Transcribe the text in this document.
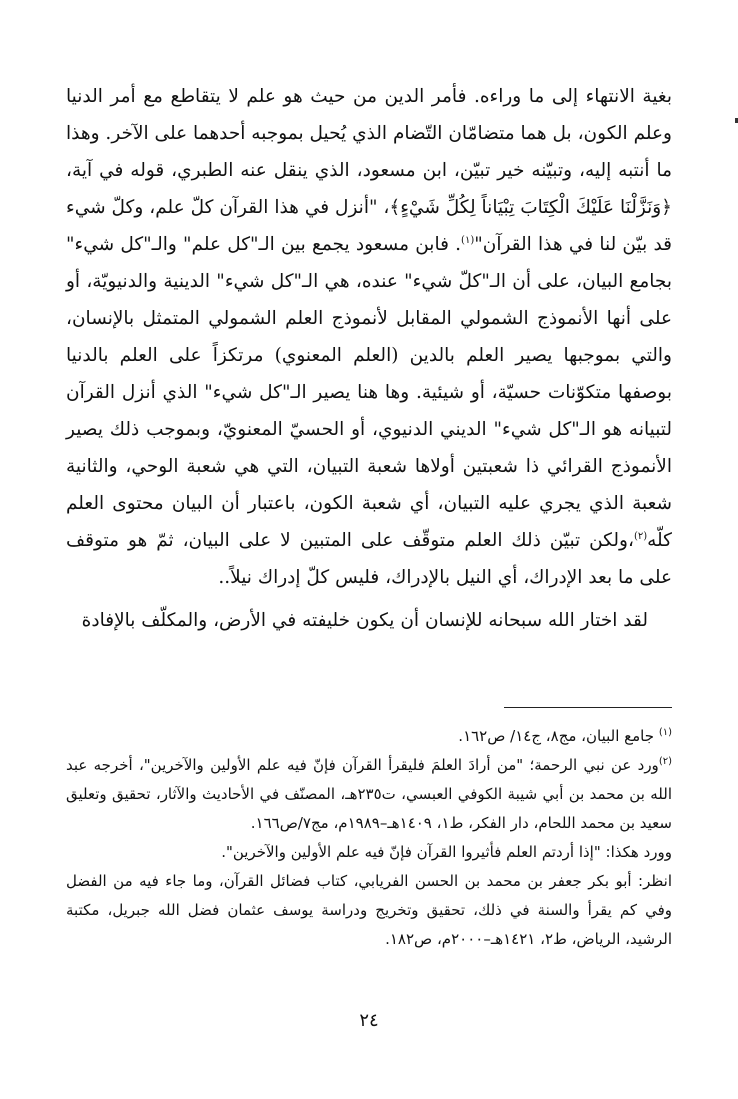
بغية الانتهاء إلى ما وراءه. فأمر الدين من حيث هو علم لا يتقاطع مع أمر الدنيا وعلم الكون، بل هما متضامّان التّضام الذي يُحيل بموجبه أحدهما على الآخر. وهذا ما أنتبه إليه، وتبيّنه خير تبيّن، ابن مسعود، الذي ينقل عنه الطبري، قوله في آية، ﴿وَنَزَّلْنَا عَلَيْكَ الْكِتَابَ تِبْيَاناً لِكُلِّ شَيْءٍ﴾، "أنزل في هذا القرآن كلّ علم، وكلّ شيء قد بيّن لنا في هذا القرآن"$^{(١)}$. فابن مسعود يجمع بين الـ"كل علم" والـ"كل شيء" بجامع البيان، على أن الـ"كلّ شيء" عنده، هي الـ"كل شيء" الدينية والدنيويّة، أو على أنها الأنموذج الشمولي المقابل لأنموذج العلم الشمولي المتمثل بالإنسان، والتي بموجبها يصير العلم بالدين (العلم المعنوي) مرتكزاً على العلم بالدنيا بوصفها متكوّنات حسيّة، أو شيئية. وها هنا يصير الـ"كل شيء" الذي أنزل القرآن لتبيانه هو الـ"كل شيء" الديني الدنيوي، أو الحسيّ المعنويّ، وبموجب ذلك يصير الأنموذج القرائي ذا شعبتين أولاها شعبة التبيان، التي هي شعبة الوحي، والثانية شعبة الذي يجري عليه التبيان، أي شعبة الكون، باعتبار أن البيان محتوى العلم كلّه$^{(٢)}$،ولكن تبيّن ذلك العلم متوقّف على المتبين لا على البيان، ثمّ هو متوقف على ما بعد الإدراك، أي النيل بالإدراك، فليس كلّ إدراك نيلاً..

لقد اختار الله سبحانه للإنسان أن يكون خليفته في الأرض، والمكلّف بالإفادة

$^{(١)}$ جامع البيان، مج٨، ج١٤/ ص١٦٢.

$^{(٢)}$ورد عن نبي الرحمة؛ "من أرادَ العلمَ فليقرأ القرآن فإنّ فيه علم الأولين والآخرين"، أخرجه عبد الله بن محمد بن أبي شيبة الكوفي العبسي، ت٢٣٥هـ، المصنّف في الأحاديث والآثار، تحقيق وتعليق سعيد بن محمد اللحام، دار الفكر، ط١، ١٤٠٩هـ–١٩٨٩م، مج٧/ص١٦٦.

وورد هكذا: "إذا أردتم العلم فأثيروا القرآن فإنّ فيه علم الأولين والآخرين".

انظر: أبو بكر جعفر بن محمد بن الحسن الفريابي، كتاب فضائل القرآن، وما جاء فيه من الفضل وفي كم يقرأ والسنة في ذلك، تحقيق وتخريج ودراسة يوسف عثمان فضل الله جبريل، مكتبة الرشيد، الرياض، ط٢، ١٤٢١هـ–٢٠٠٠م، ص١٨٢.

٢٤
